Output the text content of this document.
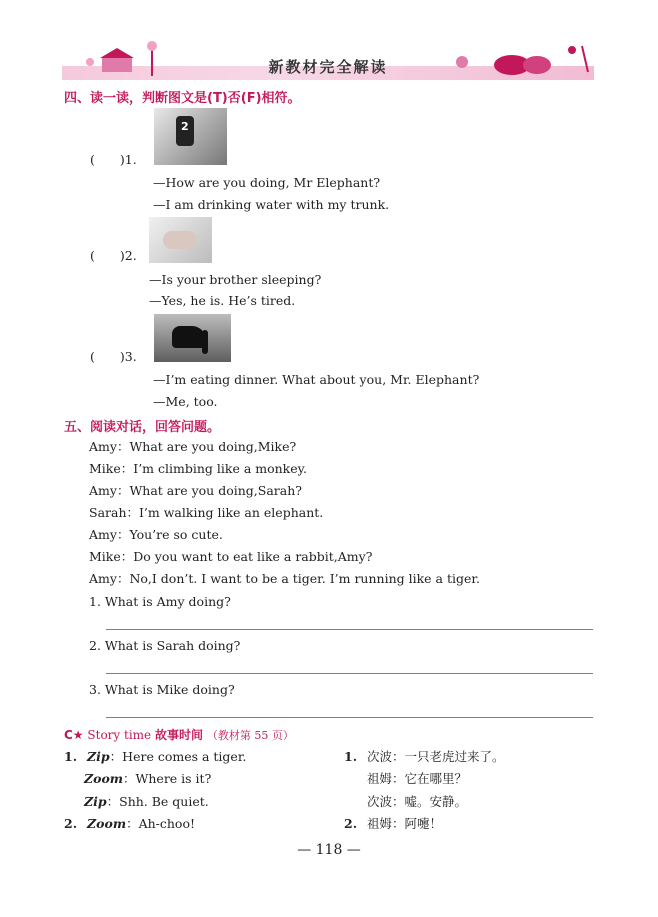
新教材完全解读
四、读一读，判断图文是(T)否(F)相符。
2
(　　)1.
—How are you doing, Mr Elephant?
—I am drinking water with my trunk.
(　　)2.
—Is your brother sleeping?
—Yes, he is. He’s tired.
(　　)3.
—I’m eating dinner. What about you, Mr. Elephant?
—Me, too.
五、阅读对话，回答问题。
Amy：What are you doing,Mike?
Mike：I’m climbing like a monkey.
Amy：What are you doing,Sarah?
Sarah：I’m walking like an elephant.
Amy：You’re so cute.
Mike：Do you want to eat like a rabbit,Amy?
Amy：No,I don’t. I want to be a tiger. I’m running like a tiger.
1. What is Amy doing?
2. What is Sarah doing?
3. What is Mike doing?
C★ Story time 故事时间 （教材第 55 页）
1. Zip：Here comes a tiger.
Zoom：Where is it?
Zip：Shh. Be quiet.
2. Zoom：Ah-choo!
1. 次波：一只老虎过来了。
祖姆：它在哪里？
次波：嘘。安静。
2. 祖姆：阿嚏！
— 118 —
